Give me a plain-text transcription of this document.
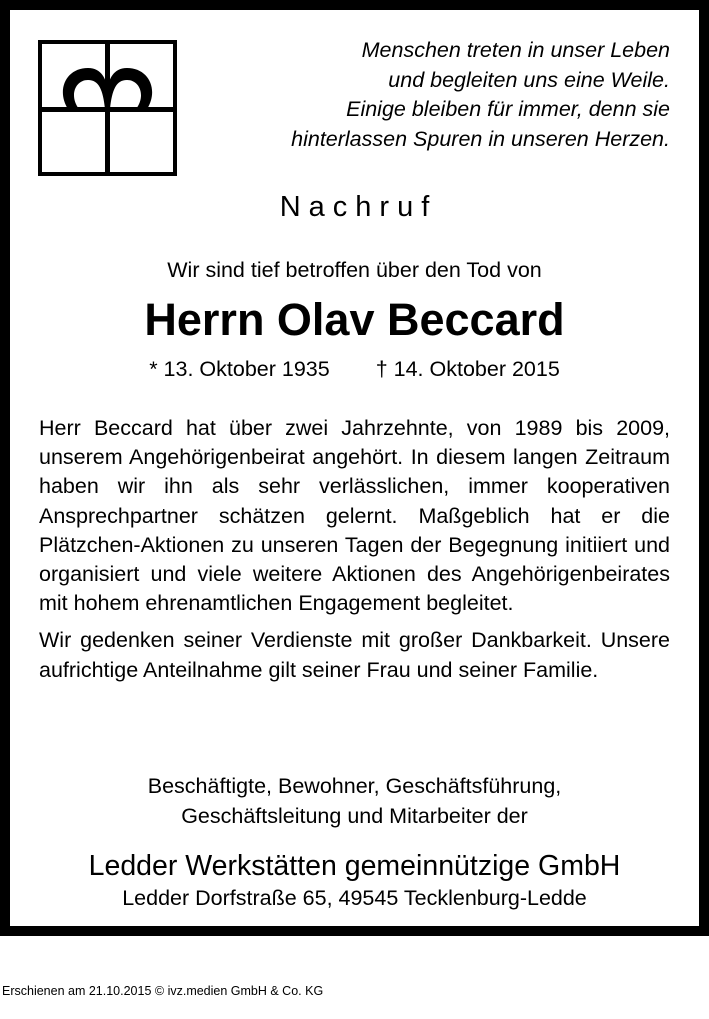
Menschen treten in unser Leben
und begleiten uns eine Weile.
Einige bleiben für immer, denn sie
hinterlassen Spuren in unseren Herzen.
Nachruf
Wir sind tief betroffen über den Tod von
Herrn Olav Beccard
* 13. Oktober 1935 † 14. Oktober 2015

Herr Beccard hat über zwei Jahrzehnte, von 1989 bis 2009, unserem Angehörigenbeirat angehört. In diesem langen Zeitraum haben wir ihn als sehr verlässlichen, immer kooperativen Ansprechpartner schätzen gelernt. Maßgeblich hat er die Plätzchen-Aktionen zu unseren Tagen der Begegnung initiiert und organisiert und viele weitere Aktionen des Angehörigenbeirates mit hohem ehrenamtlichen Engagement begleitet.

Wir gedenken seiner Verdienste mit großer Dankbarkeit. Unsere aufrichtige Anteilnahme gilt seiner Frau und seiner Familie.

Beschäftigte, Bewohner, Geschäftsführung,
Geschäftsleitung und Mitarbeiter der
Ledder Werkstätten gemeinnützige GmbH
Ledder Dorfstraße 65, 49545 Tecklenburg-Ledde
Erschienen am 21.10.2015 © ivz.medien GmbH & Co. KG
